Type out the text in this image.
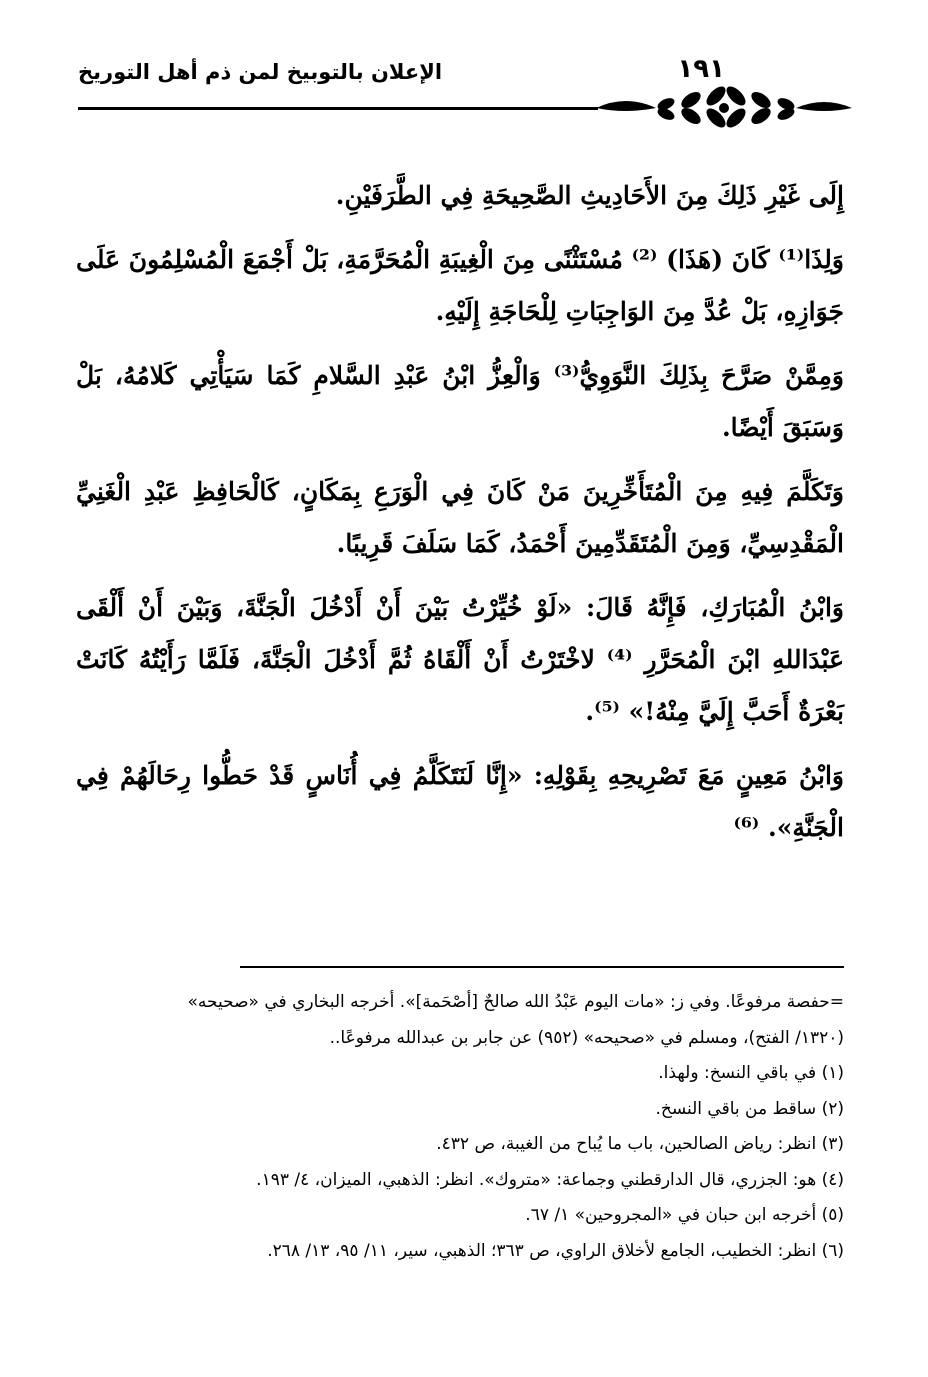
الإعلان بالتوبيخ لمن ذم أهل التوريخ	١٩١

إِلَى غَيْرِ ذَلِكَ مِنَ الأَحَادِيثِ الصَّحِيحَةِ فِي الطَّرَفَيْنِ.

وَلِذَا⁽¹⁾ كَانَ (هَذَا) ⁽²⁾ مُسْتَثْنًى مِنَ الْغِيبَةِ الْمُحَرَّمَةِ، بَلْ أَجْمَعَ الْمُسْلِمُونَ عَلَى جَوَازِهِ، بَلْ عُدَّ مِنَ الوَاجِبَاتِ لِلْحَاجَةِ إِلَيْهِ.

وَمِمَّنْ صَرَّحَ بِذَلِكَ النَّوَوِيُّ⁽³⁾ وَالْعِزُّ ابْنُ عَبْدِ السَّلامِ كَمَا سَيَأْتِي كَلامُهُ، بَلْ وَسَبَقَ أَيْضًا.

وَتَكَلَّمَ فِيهِ مِنَ الْمُتَأَخِّرِينَ مَنْ كَانَ فِي الْوَرَعِ بِمَكَانٍ، كَالْحَافِظِ عَبْدِ الْغَنِيِّ الْمَقْدِسِيِّ، وَمِنَ الْمُتَقَدِّمِينَ أَحْمَدُ، كَمَا سَلَفَ قَرِيبًا.

وَابْنُ الْمُبَارَكِ، فَإِنَّهُ قَالَ: «لَوْ خُيِّرْتُ بَيْنَ أَنْ أَدْخُلَ الْجَنَّةَ، وَبَيْنَ أَنْ أَلْقَى عَبْدَاللهِ ابْنَ الْمُحَرَّرِ ⁽⁴⁾ لاخْتَرْتُ أَنْ أَلْقَاهُ ثُمَّ أَدْخُلَ الْجَنَّةَ، فَلَمَّا رَأَيْتُهُ كَانَتْ بَعْرَةٌ أَحَبَّ إِلَيَّ مِنْهُ!» ⁽⁵⁾.

وَابْنُ مَعِينٍ مَعَ تَصْرِيحِهِ بِقَوْلِهِ: «إِنَّا لَنَتَكَلَّمُ فِي أُنَاسٍ قَدْ حَطُّوا رِحَالَهُمْ فِي الْجَنَّةِ». ⁽⁶⁾

=حفصة مرفوعًا. وفي ز: «مات اليوم عَبْدُ الله صالحٌ [أصْحَمة]». أخرجه البخاري في «صحيحه»

(١٣٢٠/ الفتح)، ومسلم في «صحيحه» (٩٥٢) عن جابر بن عبدالله مرفوعًا..

(١) في باقي النسخ: ولهذا.

(٢) ساقط من باقي النسخ.

(٣) انظر: رياض الصالحين، باب ما يُباح من الغيبة، ص ٤٣٢.

(٤) هو: الجزري، قال الدارقطني وجماعة: «متروك». انظر: الذهبي، الميزان، ٤/ ١٩٣.

(٥) أخرجه ابن حبان في «المجروحين» ١/ ٦٧.

(٦) انظر: الخطيب، الجامع لأخلاق الراوي، ص ٣٦٣؛ الذهبي، سير، ١١/ ٩٥، ١٣/ ٢٦٨.
